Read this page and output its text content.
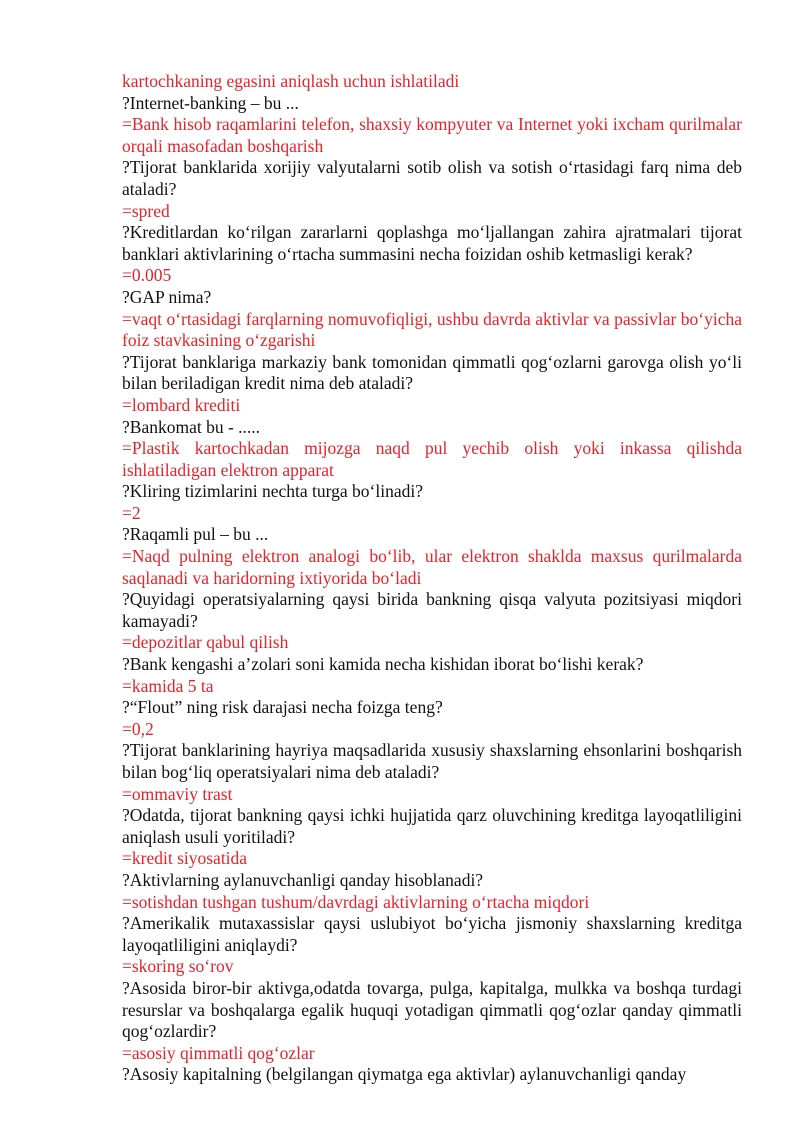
kartochkaning egasini aniqlash uchun ishlatiladi

?Internet-banking – bu ...

=Bank hisob raqamlarini telefon, shaxsiy kompyuter va Internet yoki ixcham qurilmalar orqali masofadan boshqarish

?Tijorat banklarida xorijiy valyutalarni sotib olish va sotish oʻrtasidagi farq nima deb ataladi?

=spred

?Kreditlardan koʻrilgan zararlarni qoplashga moʻljallangan zahira ajratmalari tijorat banklari aktivlarining oʻrtacha summasini necha foizidan oshib ketmasligi kerak?

=0.005

?GAP nima?

=vaqt oʻrtasidagi farqlarning nomuvofiqligi, ushbu davrda aktivlar va passivlar boʻyicha foiz stavkasining oʻzgarishi

?Tijorat banklariga markaziy bank tomonidan qimmatli qogʻozlarni garovga olish yoʻli bilan beriladigan kredit nima deb ataladi?

=lombard krediti

?Bankomat bu - .....

=Plastik kartochkadan mijozga naqd pul yechib olish yoki inkassa qilishda ishlatiladigan elektron apparat

?Kliring tizimlarini nechta turga boʻlinadi?

=2

?Raqamli pul – bu ...

=Naqd pulning elektron analogi boʻlib, ular elektron shaklda maxsus qurilmalarda saqlanadi va haridorning ixtiyorida boʻladi

?Quyidagi operatsiyalarning qaysi birida bankning qisqa valyuta pozitsiyasi miqdori kamayadi?

=depozitlar qabul qilish

?Bank kengashi a’zolari soni kamida necha kishidan iborat boʻlishi kerak?

=kamida 5 ta

?“Flout” ning risk darajasi necha foizga teng?

=0,2

?Tijorat banklarining hayriya maqsadlarida xususiy shaxslarning ehsonlarini boshqarish bilan bogʻliq operatsiyalari nima deb ataladi?

=ommaviy trast

?Odatda, tijorat bankning qaysi ichki hujjatida qarz oluvchining kreditga layoqatliligini aniqlash usuli yoritiladi?

=kredit siyosatida

?Aktivlarning aylanuvchanligi qanday hisoblanadi?

=sotishdan tushgan tushum/davrdagi aktivlarning oʻrtacha miqdori

?Amerikalik mutaxassislar qaysi uslubiyot boʻyicha jismoniy shaxslarning kreditga layoqatliligini aniqlaydi?

=skoring soʻrov

?Asosida biror-bir aktivga,odatda tovarga, pulga, kapitalga, mulkka va boshqa turdagi resurslar va boshqalarga egalik huquqi yotadigan qimmatli qogʻozlar qanday qimmatli qogʻozlardir?

=asosiy qimmatli qogʻozlar

?Asosiy kapitalning (belgilangan qiymatga ega aktivlar) aylanuvchanligi qanday
